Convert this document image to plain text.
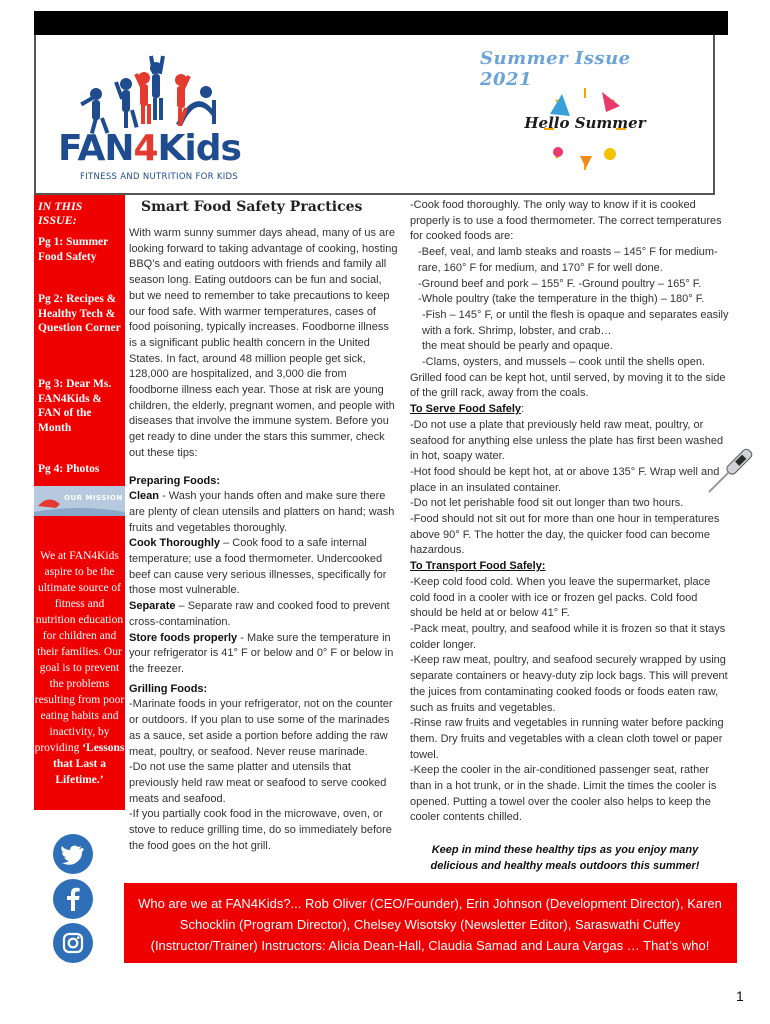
Summer Issue 2021
FAN4Kids
FITNESS AND NUTRITION FOR KIDS
Hello Summer
IN THIS ISSUE:
Pg 1: Summer Food Safety
Pg 2: Recipes & Healthy Tech & Question Corner
Pg 3: Dear Ms. FAN4Kids & FAN of the Month
Pg 4: Photos
OUR MISSION
We at FAN4Kids aspire to be the ultimate source of fitness and nutrition education for children and their families. Our goal is to prevent the problems resulting from poor eating habits and inactivity, by providing ‘Lessons that Last a Lifetime.’
Smart Food Safety Practices

With warm sunny summer days ahead, many of us are looking forward to taking advantage of cooking, hosting BBQ’s and eating outdoors with friends and family all season long. Eating outdoors can be fun and social, but we need to remember to take precautions to keep our food safe. With warmer temperatures, cases of food poisoning, typically increases. Foodborne illness is a significant public health concern in the United States. In fact, around 48 million people get sick, 128,000 are hospitalized, and 3,000 die from foodborne illness each year. Those at risk are young children, the elderly, pregnant women, and people with diseases that involve the immune system. Before you get ready to dine under the stars this summer, check out these tips:

Preparing Foods:

Clean - Wash your hands often and make sure there are plenty of clean utensils and platters on hand; wash fruits and vegetables thoroughly.

Cook Thoroughly – Cook food to a safe internal temperature; use a food thermometer. Undercooked beef can cause very serious illnesses, specifically for those most vulnerable.

Separate – Separate raw and cooked food to prevent cross-contamination.

Store foods properly - Make sure the temperature in your refrigerator is 41° F or below and 0° F or below in the freezer.

Grilling Foods:

-Marinate foods in your refrigerator, not on the counter or outdoors. If you plan to use some of the marinades as a sauce, set aside a portion before adding the raw meat, poultry, or seafood. Never reuse marinade.

-Do not use the same platter and utensils that previously held raw meat or seafood to serve cooked meats and seafood.

-If you partially cook food in the microwave, oven, or stove to reduce grilling time, do so immediately before the food goes on the hot grill.

-Cook food thoroughly. The only way to know if it is cooked properly is to use a food thermometer. The correct temperatures for cooked foods are:

-Beef, veal, and lamb steaks and roasts – 145° F for medium-rare, 160° F for medium, and 170° F for well done.

-Ground beef and pork – 155° F. -Ground poultry – 165° F.

-Whole poultry (take the temperature in the thigh) – 180° F.

-Fish – 145° F, or until the flesh is opaque and separates easily with a fork. Shrimp, lobster, and crab…

the meat should be pearly and opaque.

-Clams, oysters, and mussels – cook until the shells open.

Grilled food can be kept hot, until served, by moving it to the side of the grill rack, away from the coals.

To Serve Food Safely:

-Do not use a plate that previously held raw meat, poultry, or seafood for anything else unless the plate has first been washed in hot, soapy water.

-Hot food should be kept hot, at or above 135° F. Wrap well and place in an insulated container.

-Do not let perishable food sit out longer than two hours.

-Food should not sit out for more than one hour in temperatures above 90° F. The hotter the day, the quicker food can become hazardous.

To Transport Food Safely:

-Keep cold food cold. When you leave the supermarket, place cold food in a cooler with ice or frozen gel packs. Cold food should be held at or below 41° F.

-Pack meat, poultry, and seafood while it is frozen so that it stays colder longer.

-Keep raw meat, poultry, and seafood securely wrapped by using separate containers or heavy-duty zip lock bags. This will prevent the juices from contaminating cooked foods or foods eaten raw, such as fruits and vegetables.

-Rinse raw fruits and vegetables in running water before packing them. Dry fruits and vegetables with a clean cloth towel or paper towel.

-Keep the cooler in the air-conditioned passenger seat, rather than in a hot trunk, or in the shade. Limit the times the cooler is opened. Putting a towel over the cooler also helps to keep the cooler contents chilled.

Keep in mind these healthy tips as you enjoy many delicious and healthy meals outdoors this summer!
Who are we at FAN4Kids?... Rob Oliver (CEO/Founder), Erin Johnson (Development Director), Karen Schocklin (Program Director), Chelsey Wisotsky (Newsletter Editor), Saraswathi Cuffey (Instructor/Trainer) Instructors: Alicia Dean-Hall, Claudia Samad and Laura Vargas … That’s who!
1
